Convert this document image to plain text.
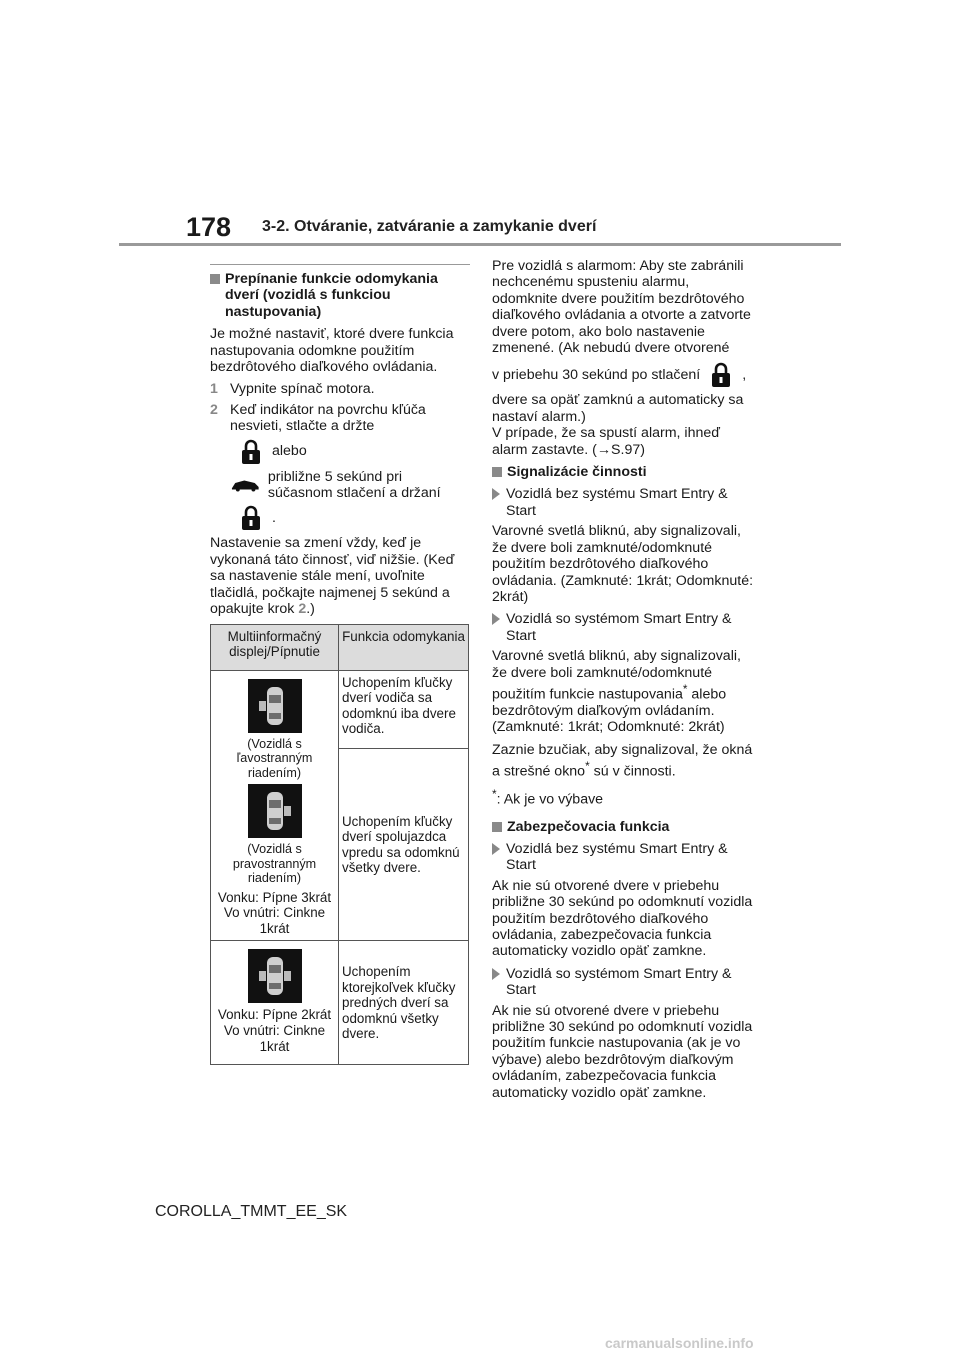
178 3-2. Otváranie, zatváranie a zamykanie dverí
Prepínanie funkcie odomykania dverí (vozidlá s funkciou nastupovania)

Je možné nastaviť, ktoré dvere funkcia nastupovania odomkne použitím bezdrôtového diaľkového ovládania.

1 Vypnite spínač motora.
2 Keď indikátor na povrchu kľúča nesvieti, stlačte a držte
alebo
približne 5 sekúnd pri súčasnom stlačení a držaní
.

Nastavenie sa zmení vždy, keď je vykonaná táto činnosť, viď nižšie. (Keď sa nastavenie stále mení, uvoľnite tlačidlá, počkajte najmenej 5 sekúnd a opakujte krok 2.)

Multiinformačný displej/Pípnutie	Funkcia odomykania

(Vozidlá s ľavostranným riadením)
(Vozidlá s pravostranným riadením)
Vonku: Pípne 3krát Vo vnútri: Cinkne 1krát	Uchopením kľučky dverí vodiča sa odomknú iba dvere vodiča.
	Uchopením kľučky dverí spolujazdca vpredu sa odomknú všetky dvere.

Vonku: Pípne 2krát Vo vnútri: Cinkne 1krát	Uchopením ktorejkoľvek kľučky predných dverí sa odomknú všetky dvere.

Pre vozidlá s alarmom: Aby ste zabránili nechcenému spusteniu alarmu, odomknite dvere použitím bezdrôtového diaľkového ovládania a otvorte a zatvorte dvere potom, ako bolo nastavenie zmenené. (Ak nebudú dvere otvorené

v priebehu 30 sekúnd po stlačení	,

dvere sa opäť zamknú a automaticky sa nastaví alarm.)
V prípade, že sa spustí alarm, ihneď alarm zastavte. (→S.97)

Signalizácie činnosti
Vozidlá bez systému Smart Entry & Start

Varovné svetlá bliknú, aby signalizovali, že dvere boli zamknuté/odomknuté použitím bezdrôtového diaľkového ovládania. (Zamknuté: 1krát; Odomknuté: 2krát)

Vozidlá so systémom Smart Entry & Start

Varovné svetlá bliknú, aby signalizovali, že dvere boli zamknuté/odomknuté použitím funkcie nastupovania* alebo bezdrôtovým diaľkovým ovládaním. (Zamknuté: 1krát; Odomknuté: 2krát)

Zaznie bzučiak, aby signalizoval, že okná a strešné okno* sú v činnosti.

*: Ak je vo výbave

Zabezpečovacia funkcia
Vozidlá bez systému Smart Entry & Start

Ak nie sú otvorené dvere v priebehu približne 30 sekúnd po odomknutí vozidla použitím bezdrôtového diaľkového ovládania, zabezpečovacia funkcia automaticky vozidlo opäť zamkne.

Vozidlá so systémom Smart Entry & Start

Ak nie sú otvorené dvere v priebehu približne 30 sekúnd po odomknutí vozidla použitím funkcie nastupovania (ak je vo výbave) alebo bezdrôtovým diaľkovým ovládaním, zabezpečovacia funkcia automaticky vozidlo opäť zamkne.

COROLLA_TMMT_EE_SK
carmanualsonline.info
